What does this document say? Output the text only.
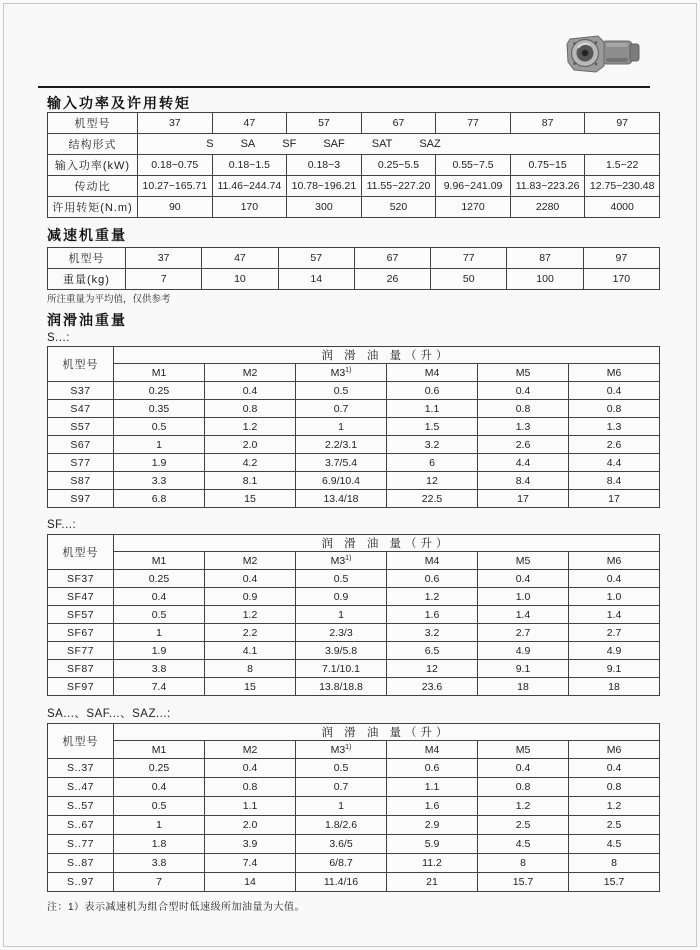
输入功率及许用转矩
机型号	37	47	57	67	77	87	97
结构形式	S SA SF SAF SAT SAZ

输入功率(kW)	0.18~0.75	0.18~1.5	0.18~3	0.25~5.5	0.55~7.5	0.75~15	1.5~22
传动比	10.27~165.71	11.46~244.74	10.78~196.21	11.55~227.20	9.96~241.09	11.83~223.26	12.75~230.48
许用转矩(N.m)	90	170	300	520	1270	2280	4000
减速机重量
机型号	37	47	57	67	77	87	97
重量(kg)	7	10	14	26	50	100	170
所注重量为平均值，仅供参考
润滑油重量
S...:
机型号	润 滑 油 量（升）					
	M1	M2	M3$^{1)}$	M4	M5	M6
S37	0.25	0.4	0.5	0.6	0.4	0.4
S47	0.35	0.8	0.7	1.1	0.8	0.8
S57	0.5	1.2	1	1.5	1.3	1.3
S67	1	2.0	2.2/3.1	3.2	2.6	2.6
S77	1.9	4.2	3.7/5.4	6	4.4	4.4
S87	3.3	8.1	6.9/10.4	12	8.4	8.4
S97	6.8	15	13.4/18	22.5	17	17
SF...:
机型号	润 滑 油 量（升）					
	M1	M2	M3$^{1)}$	M4	M5	M6
SF37	0.25	0.4	0.5	0.6	0.4	0.4
SF47	0.4	0.9	0.9	1.2	1.0	1.0
SF57	0.5	1.2	1	1.6	1.4	1.4
SF67	1	2.2	2.3/3	3.2	2.7	2.7
SF77	1.9	4.1	3.9/5.8	6.5	4.9	4.9
SF87	3.8	8	7.1/10.1	12	9.1	9.1
SF97	7.4	15	13.8/18.8	23.6	18	18
SA...、SAF...、SAZ...:
机型号	润 滑 油 量（升）					
	M1	M2	M3$^{1)}$	M4	M5	M6
S..37	0.25	0.4	0.5	0.6	0.4	0.4
S..47	0.4	0.8	0.7	1.1	0.8	0.8
S..57	0.5	1.1	1	1.6	1.2	1.2
S..67	1	2.0	1.8/2.6	2.9	2.5	2.5
S..77	1.8	3.9	3.6/5	5.9	4.5	4.5
S..87	3.8	7.4	6/8.7	11.2	8	8
S..97	7	14	11.4/16	21	15.7	15.7
注：1）表示减速机为组合型时低速级所加油量为大值。
